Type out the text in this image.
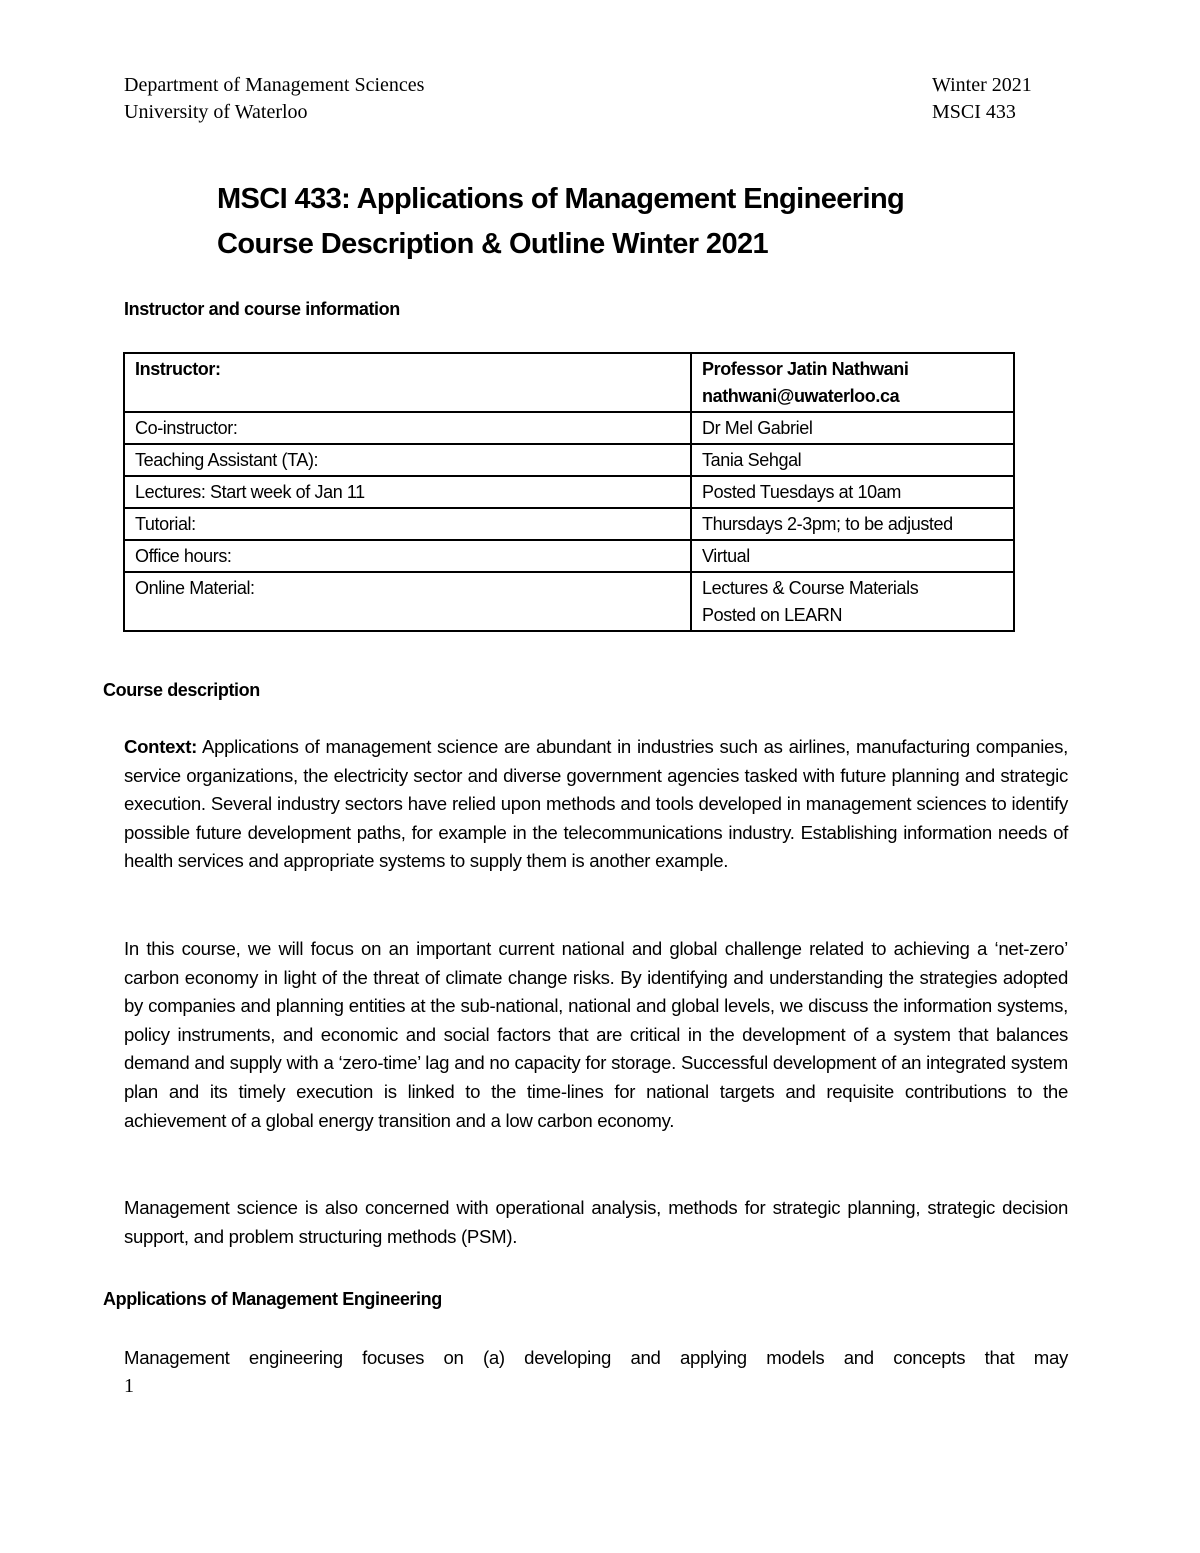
Department of Management Sciences
University of Waterloo
Winter 2021
MSCI 433
MSCI 433: Applications of Management Engineering
Course Description & Outline Winter 2021
Instructor and course information
Instructor:	Professor Jatin Nathwani
nathwani@uwaterloo.ca

Co-instructor:	Dr Mel Gabriel

Teaching Assistant (TA):	Tania Sehgal

Lectures: Start week of Jan 11	Posted Tuesdays at 10am

Tutorial:	Thursdays 2-3pm; to be adjusted

Office hours:	Virtual

Online Material:	Lectures & Course Materials Posted on LEARN
Course description
Context: Applications of management science are abundant in industries such as airlines, manufacturing companies, service organizations, the electricity sector and diverse government agencies tasked with future planning and strategic execution. Several industry sectors have relied upon methods and tools developed in management sciences to identify possible future development paths, for example in the telecommunications industry. Establishing information needs of health services and appropriate systems to supply them is another example.
In this course, we will focus on an important current national and global challenge related to achieving a ‘net-zero’ carbon economy in light of the threat of climate change risks. By identifying and understanding the strategies adopted by companies and planning entities at the sub-national, national and global levels, we discuss the information systems, policy instruments, and economic and social factors that are critical in the development of a system that balances demand and supply with a ‘zero-time’ lag and no capacity for storage. Successful development of an integrated system plan and its timely execution is linked to the time-lines for national targets and requisite contributions to the achievement of a global energy transition and a low carbon economy.
Management science is also concerned with operational analysis, methods for strategic planning, strategic decision support, and problem structuring methods (PSM).
Applications of Management Engineering
Management engineering focuses on (a) developing and applying models and concepts that may
1
